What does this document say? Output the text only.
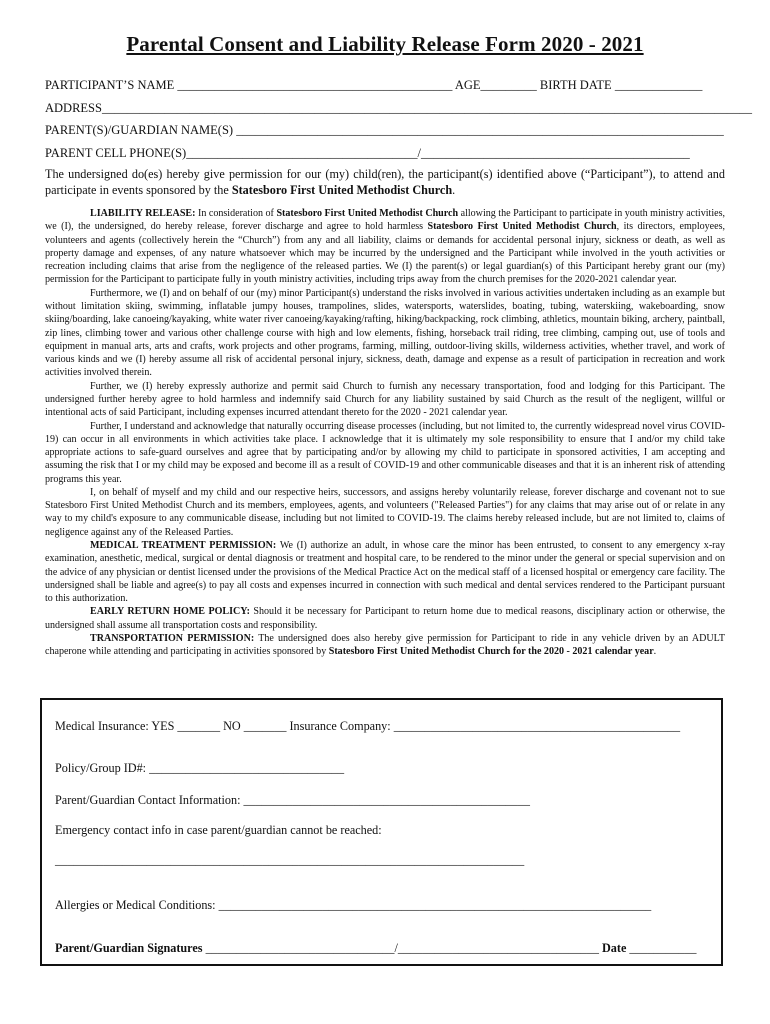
Parental Consent and Liability Release Form 2020 - 2021
PARTICIPANT’S NAME ____________________________________________ AGE_________ BIRTH DATE ______________
ADDRESS________________________________________________________________________________________________________
PARENT(S)/GUARDIAN NAME(S) ______________________________________________________________________________
PARENT CELL PHONE(S)_____________________________________/___________________________________________
The undersigned do(es) hereby give permission for our (my) child(ren), the participant(s) identified above (“Participant”), to attend and participate in events sponsored by the Statesboro First United Methodist Church.

LIABILITY RELEASE: In consideration of Statesboro First United Methodist Church allowing the Participant to participate in youth ministry activities, we (I), the undersigned, do hereby release, forever discharge and agree to hold harmless Statesboro First United Methodist Church, its directors, employees, volunteers and agents (collectively herein the “Church”) from any and all liability, claims or demands for accidental personal injury, sickness or death, as well as property damage and expenses, of any nature whatsoever which may be incurred by the undersigned and the Participant while involved in the youth activities or recreation including claims that arise from the negligence of the released parties. We (I) the parent(s) or legal guardian(s) of this Participant hereby grant our (my) permission for the Participant to participate fully in youth ministry activities, including trips away from the church premises for the 2020-2021 calendar year.

Furthermore, we (I) and on behalf of our (my) minor Participant(s) understand the risks involved in various activities undertaken including as an example but without limitation skiing, swimming, inflatable jumpy houses, trampolines, slides, watersports, waterslides, boating, tubing, waterskiing, wakeboarding, snow skiing/boarding, lake canoeing/kayaking, white water river canoeing/kayaking/rafting, hiking/backpacking, rock climbing, athletics, mountain biking, archery, paintball, zip lines, climbing tower and various other challenge course with high and low elements, fishing, horseback trail riding, tree climbing, camping out, use of tools and equipment in manual arts, arts and crafts, work projects and other programs, farming, milling, outdoor-living skills, wilderness activities, whether travel, and work of various kinds and we (I) hereby assume all risk of accidental personal injury, sickness, death, damage and expense as a result of participation in recreation and work activities involved therein.

Further, we (I) hereby expressly authorize and permit said Church to furnish any necessary transportation, food and lodging for this Participant. The undersigned further hereby agree to hold harmless and indemnify said Church for any liability sustained by said Church as the result of the negligent, willful or intentional acts of said Participant, including expenses incurred attendant thereto for the 2020 - 2021 calendar year.

Further, I understand and acknowledge that naturally occurring disease processes (including, but not limited to, the currently widespread novel virus COVID-19) can occur in all environments in which activities take place. I acknowledge that it is ultimately my sole responsibility to ensure that I and/or my child take appropriate actions to safe-guard ourselves and agree that by participating and/or by allowing my child to participate in sponsored activities, I am accepting and assuming the risk that I or my child may be exposed and become ill as a result of COVID-19 and other communicable diseases and that it is an inherent risk of attending programs this year.

I, on behalf of myself and my child and our respective heirs, successors, and assigns hereby voluntarily release, forever discharge and covenant not to sue Statesboro First United Methodist Church and its members, employees, agents, and volunteers ("Released Parties") for any claims that may arise out of or relate in any way to my child's exposure to any communicable disease, including but not limited to COVID-19. The claims hereby released include, but are not limited to, claims of negligence against any of the Released Parties.

MEDICAL TREATMENT PERMISSION: We (I) authorize an adult, in whose care the minor has been entrusted, to consent to any emergency x-ray examination, anesthetic, medical, surgical or dental diagnosis or treatment and hospital care, to be rendered to the minor under the general or special supervision and on the advice of any physician or dentist licensed under the provisions of the Medical Practice Act on the medical staff of a licensed hospital or emergency care facility. The undersigned shall be liable and agree(s) to pay all costs and expenses incurred in connection with such medical and dental services rendered to the Participant pursuant to this authorization.

EARLY RETURN HOME POLICY: Should it be necessary for Participant to return home due to medical reasons, disciplinary action or otherwise, the undersigned shall assume all transportation costs and responsibility.

TRANSPORTATION PERMISSION: The undersigned does also hereby give permission for Participant to ride in any vehicle driven by an ADULT chaperone while attending and participating in activities sponsored by Statesboro First United Methodist Church for the 2020 - 2021 calendar year.

Medical Insurance: YES _______ NO _______ Insurance Company: _______________________________________________
Policy/Group ID#: ________________________________
Parent/Guardian Contact Information: _______________________________________________
Emergency contact info in case parent/guardian cannot be reached:
_____________________________________________________________________________
Allergies or Medical Conditions: _______________________________________________________________________
Parent/Guardian Signatures _______________________________/_________________________________ Date ___________
